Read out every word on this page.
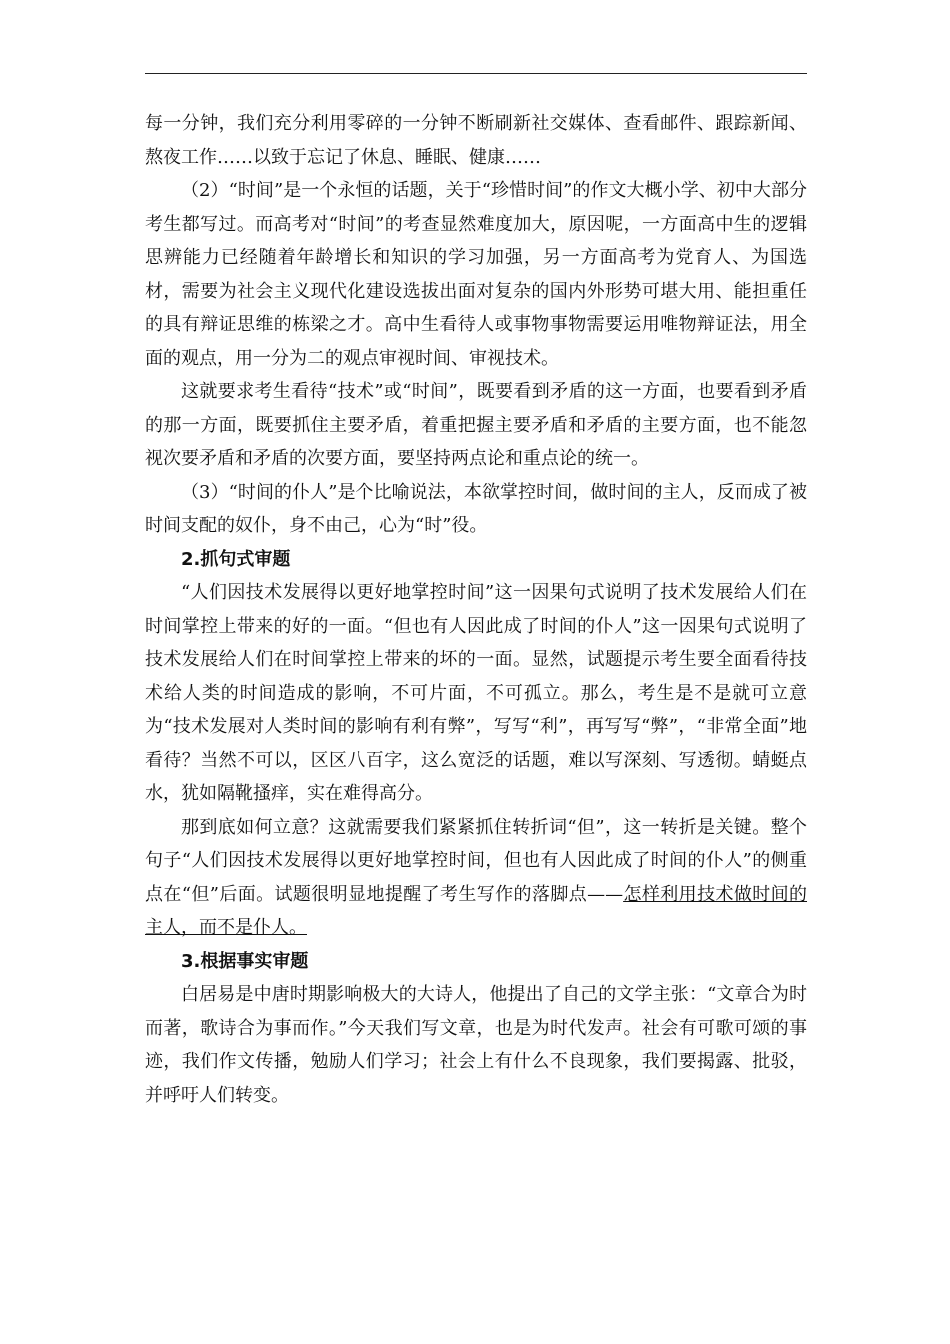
每一分钟，我们充分利用零碎的一分钟不断刷新社交媒体、查看邮件、跟踪新闻、熬夜工作……以致于忘记了休息、睡眠、健康……

（2）“时间”是一个永恒的话题，关于“珍惜时间”的作文大概小学、初中大部分考生都写过。而高考对“时间”的考查显然难度加大，原因呢，一方面高中生的逻辑思辨能力已经随着年龄增长和知识的学习加强，另一方面高考为党育人、为国选材，需要为社会主义现代化建设选拔出面对复杂的国内外形势可堪大用、能担重任的具有辩证思维的栋梁之才。高中生看待人或事物事物需要运用唯物辩证法，用全面的观点，用一分为二的观点审视时间、审视技术。

这就要求考生看待“技术”或“时间”，既要看到矛盾的这一方面，也要看到矛盾的那一方面，既要抓住主要矛盾，着重把握主要矛盾和矛盾的主要方面，也不能忽视次要矛盾和矛盾的次要方面，要坚持两点论和重点论的统一。

（3）“时间的仆人”是个比喻说法，本欲掌控时间，做时间的主人，反而成了被时间支配的奴仆，身不由己，心为“时”役。

2.抓句式审题

“人们因技术发展得以更好地掌控时间”这一因果句式说明了技术发展给人们在时间掌控上带来的好的一面。“但也有人因此成了时间的仆人”这一因果句式说明了技术发展给人们在时间掌控上带来的坏的一面。显然，试题提示考生要全面看待技术给人类的时间造成的影响，不可片面，不可孤立。那么，考生是不是就可立意为“技术发展对人类时间的影响有利有弊”，写写“利”，再写写“弊”，“非常全面”地看待？当然不可以，区区八百字，这么宽泛的话题，难以写深刻、写透彻。蜻蜓点水，犹如隔靴搔痒，实在难得高分。

那到底如何立意？这就需要我们紧紧抓住转折词“但”，这一转折是关键。整个句子“人们因技术发展得以更好地掌控时间，但也有人因此成了时间的仆人”的侧重点在“但”后面。试题很明显地提醒了考生写作的落脚点——怎样利用技术做时间的主人，而不是仆人。

3.根据事实审题

白居易是中唐时期影响极大的大诗人，他提出了自己的文学主张：“文章合为时而著，歌诗合为事而作。”今天我们写文章，也是为时代发声。社会有可歌可颂的事迹，我们作文传播，勉励人们学习；社会上有什么不良现象，我们要揭露、批驳，并呼吁人们转变。
